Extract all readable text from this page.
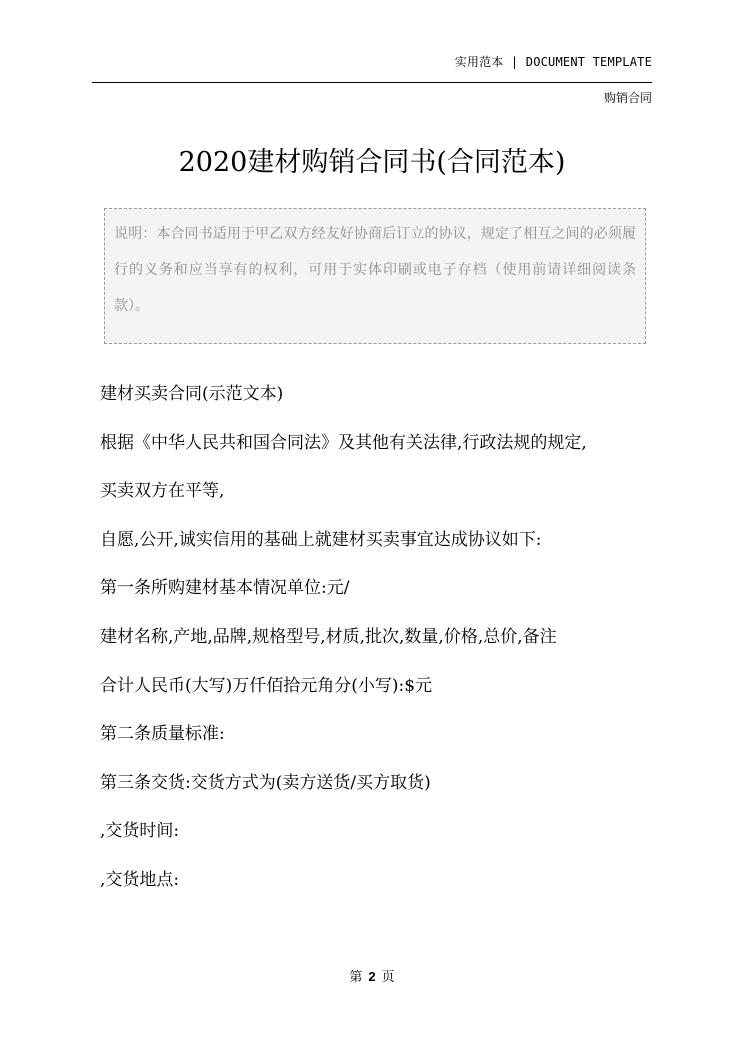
实用范本 | DOCUMENT TEMPLATE
购销合同
2020建材购销合同书(合同范本)
说明：本合同书适用于甲乙双方经友好协商后订立的协议，规定了相互之间的必须履行的义务和应当享有的权利，可用于实体印刷或电子存档（使用前请详细阅读条款）。
建材买卖合同(示范文本)
根据《中华人民共和国合同法》及其他有关法律,行政法规的规定,
买卖双方在平等,
自愿,公开,诚实信用的基础上就建材买卖事宜达成协议如下:
第一条所购建材基本情况单位:元/
建材名称,产地,品牌,规格型号,材质,批次,数量,价格,总价,备注
合计人民币(大写)万仟佰拾元角分(小写):$元
第二条质量标准:
第三条交货:交货方式为(卖方送货/买方取货)
,交货时间:
,交货地点:
第 2 页
